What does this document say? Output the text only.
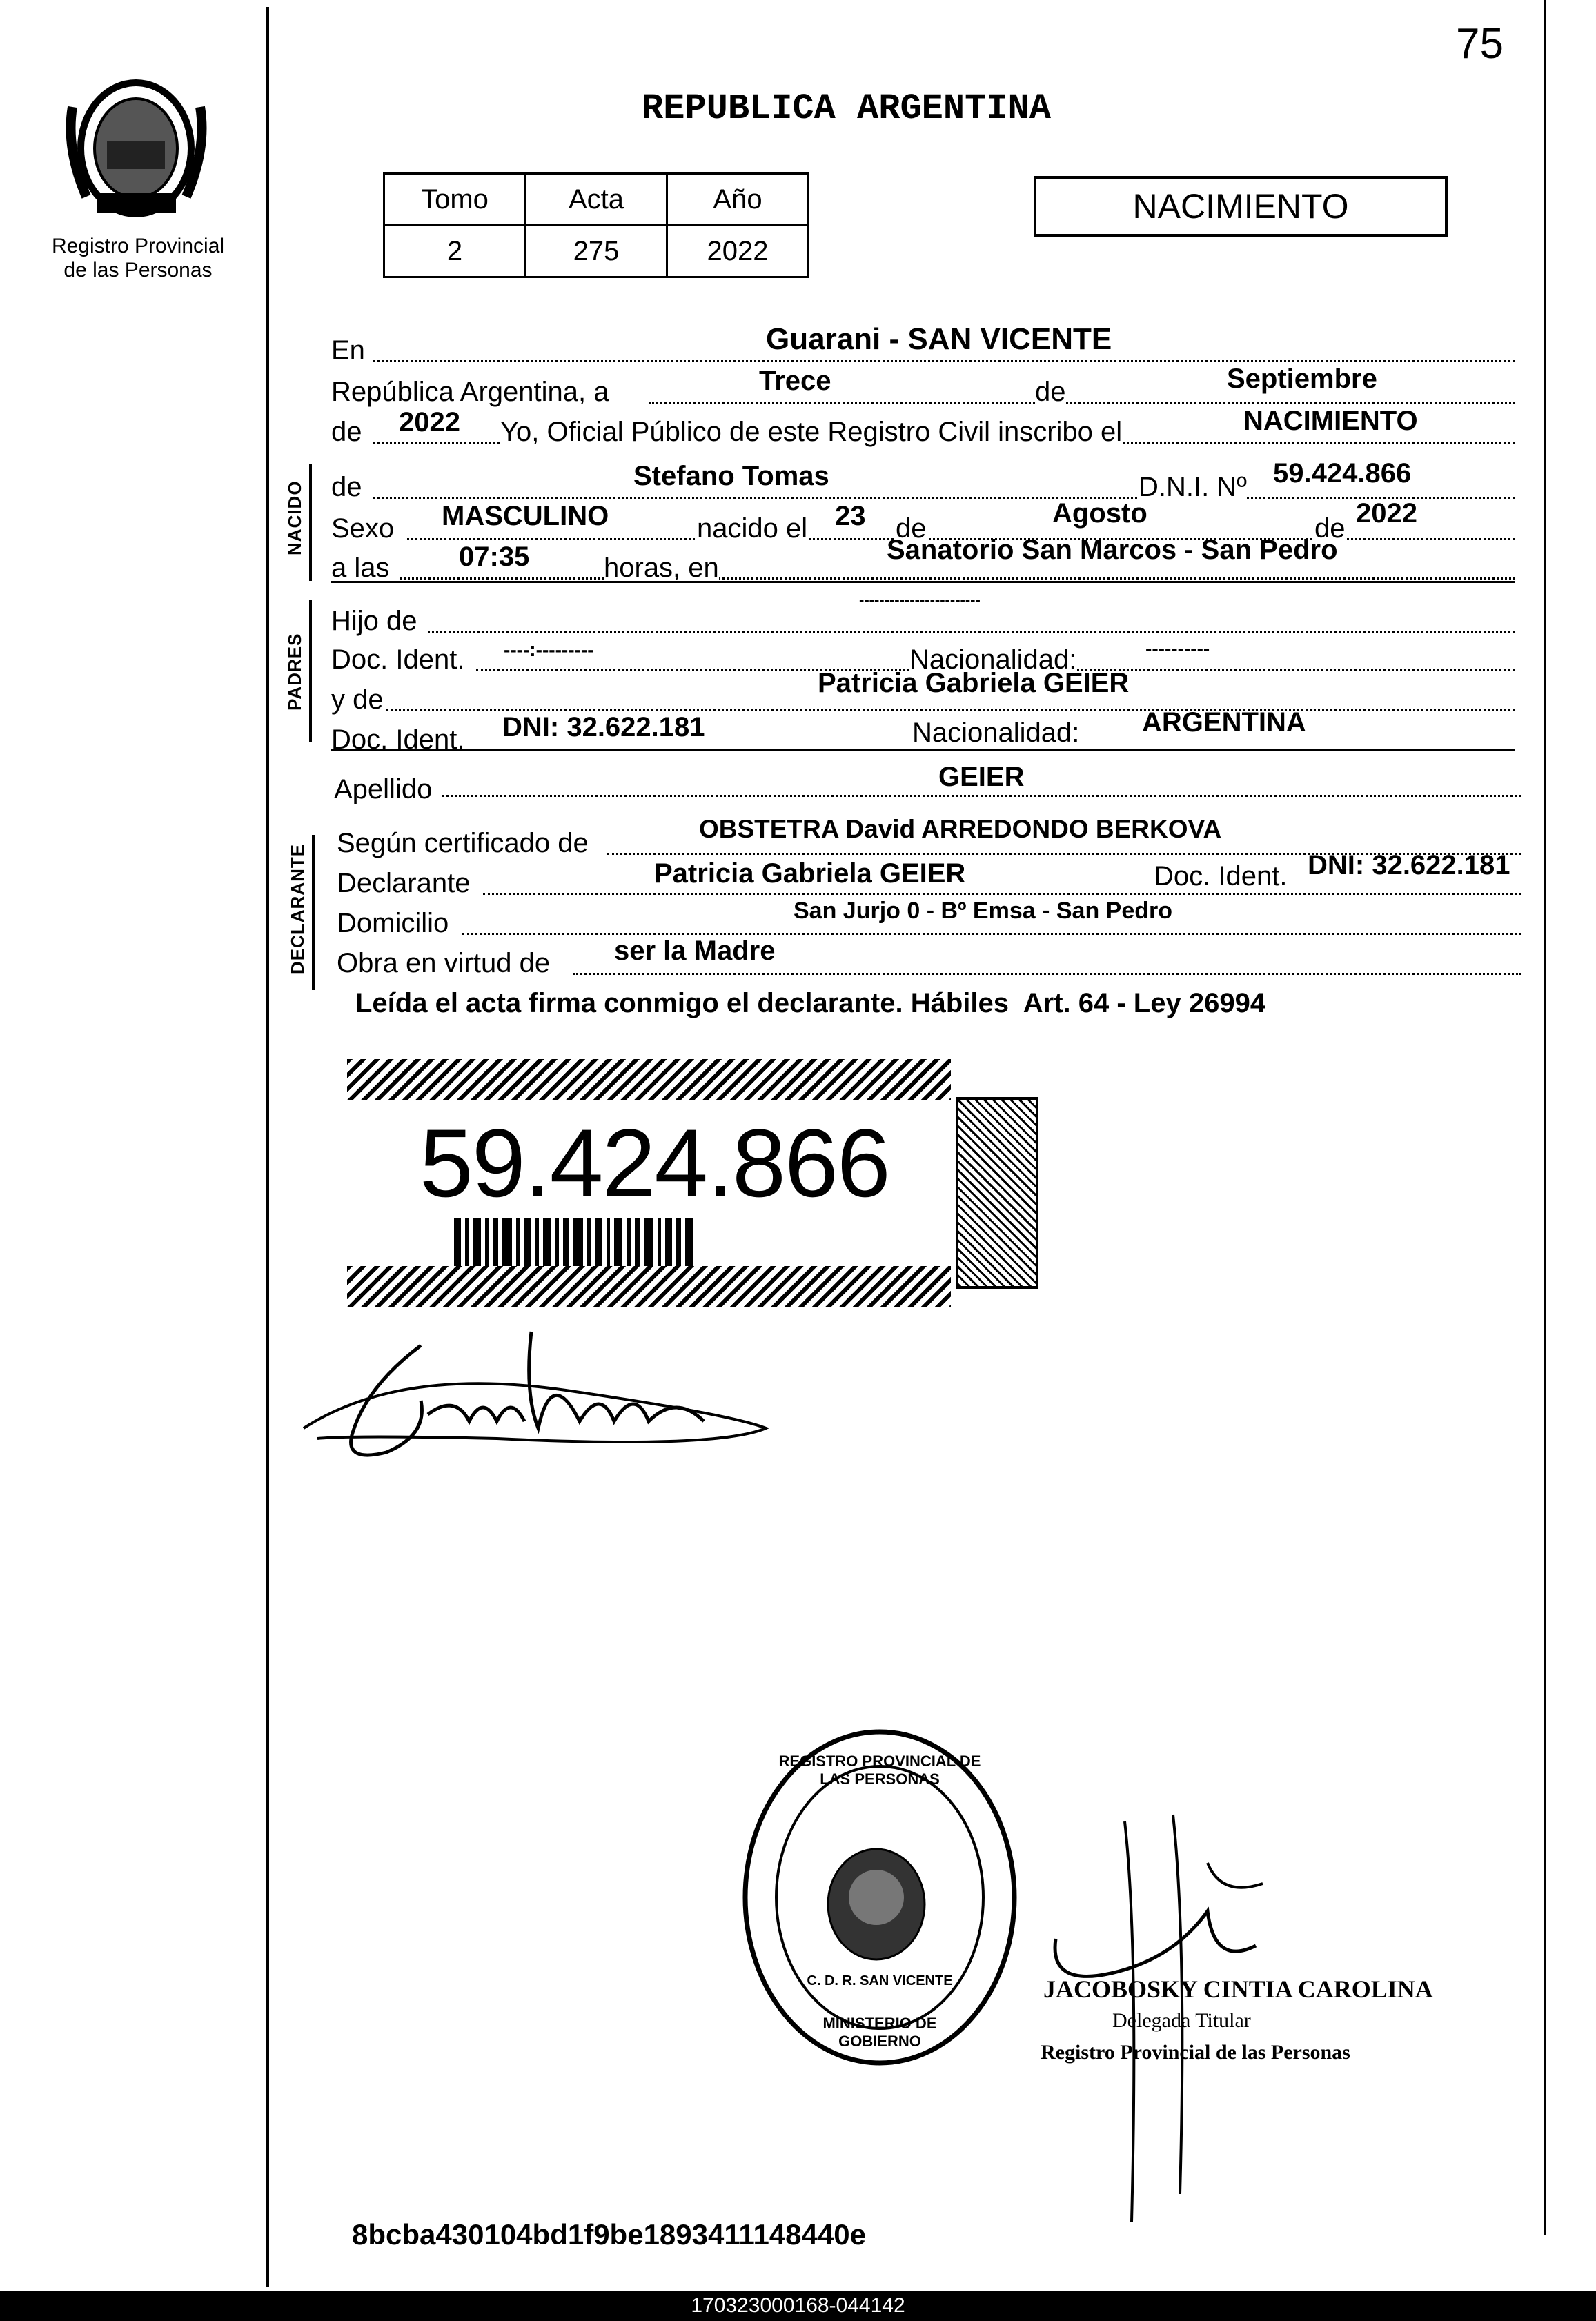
Registro Provincial
de las Personas
75
REPUBLICA ARGENTINA
Tomo	Acta	Año
2	275	2022
NACIMIENTO
En	Guarani - SAN VICENTE
República Argentina, a	Trece	de	Septiembre
de 2022 Yo, Oficial Público de este Registro Civil inscribo el	NACIMIENTO
NACIDO de	Stefano Tomas	D.N.I. Nº 59.424.866
Sexo MASCULINO	nacido el 23 de	Agosto	de 2022
a las	07:35	horas, en
Sanatorio San Marcos - San Pedro
PADRES
Hijo de
------------------------
Doc. Ident. ----:---------	Nacionalidad:	----------
y de
Patricia Gabriela GEIER
Doc. Ident. DNI: 32.622.181	Nacionalidad: ARGENTINA
Apellido	GEIER
DECLARANTE
Según certificado de	OBSTETRA David ARREDONDO BERKOVA
Declarante	Patricia Gabriela GEIER	Doc. Ident. DNI: 32.622.181
Domicilio	San Jurjo 0 - Bº Emsa - San Pedro
Obra en virtud de ser la Madre
Leída el acta firma conmigo el declarante. Hábiles  Art. 64 - Ley 26994
59.424.866
REGISTRO PROVINCIAL DE LAS PERSONAS
C. D. R. SAN VICENTE
MINISTERIO DE GOBIERNO
JACOBOSKY CINTIA CAROLINA
Delegada Titular
Registro Provincial de las Personas
8bcba430104bd1f9be1893411148440e
170323000168-044142
